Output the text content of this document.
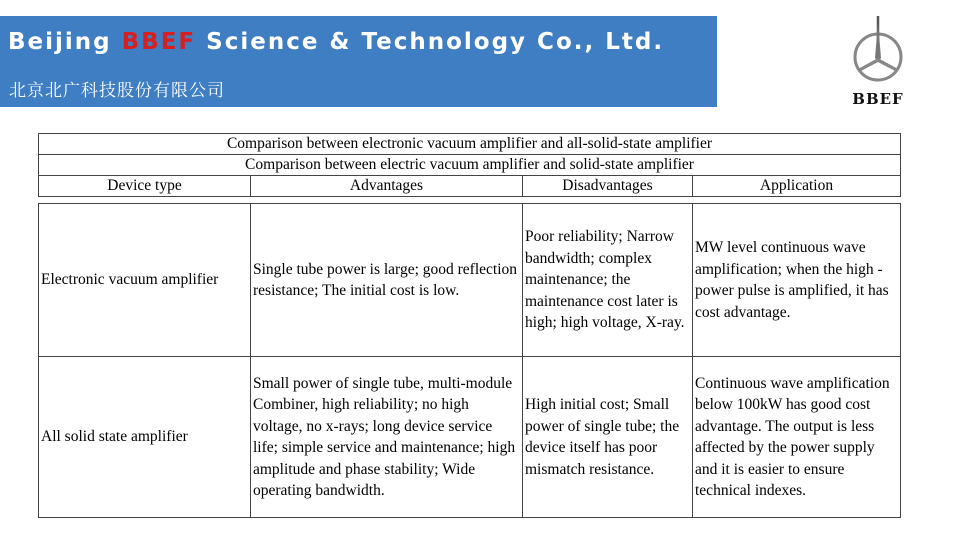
Beijing BBEF Science & Technology Co., Ltd.
北京北广科技股份有限公司	BBEF
Comparison between electronic vacuum amplifier and all-solid-state amplifier			
Comparison between electric vacuum amplifier and solid-state amplifier			
Device type	Advantages	Disadvantages	Application

Electronic vacuum amplifier	Single tube power is large; good reflection resistance; The initial cost is low.	Poor reliability; Narrow bandwidth; complex maintenance; the maintenance cost later is high; high voltage, X-ray.	MW level continuous wave amplification; when the high -power pulse is amplified, it has cost advantage.
All solid state amplifier	Small power of single tube, multi-module Combiner, high reliability; no high voltage, no x-rays; long device service life; simple service and maintenance; high amplitude and phase stability; Wide operating bandwidth.	High initial cost; Small power of single tube; the device itself has poor mismatch resistance.	Continuous wave amplification below 100kW has good cost advantage. The output is less affected by the power supply and it is easier to ensure technical indexes.
